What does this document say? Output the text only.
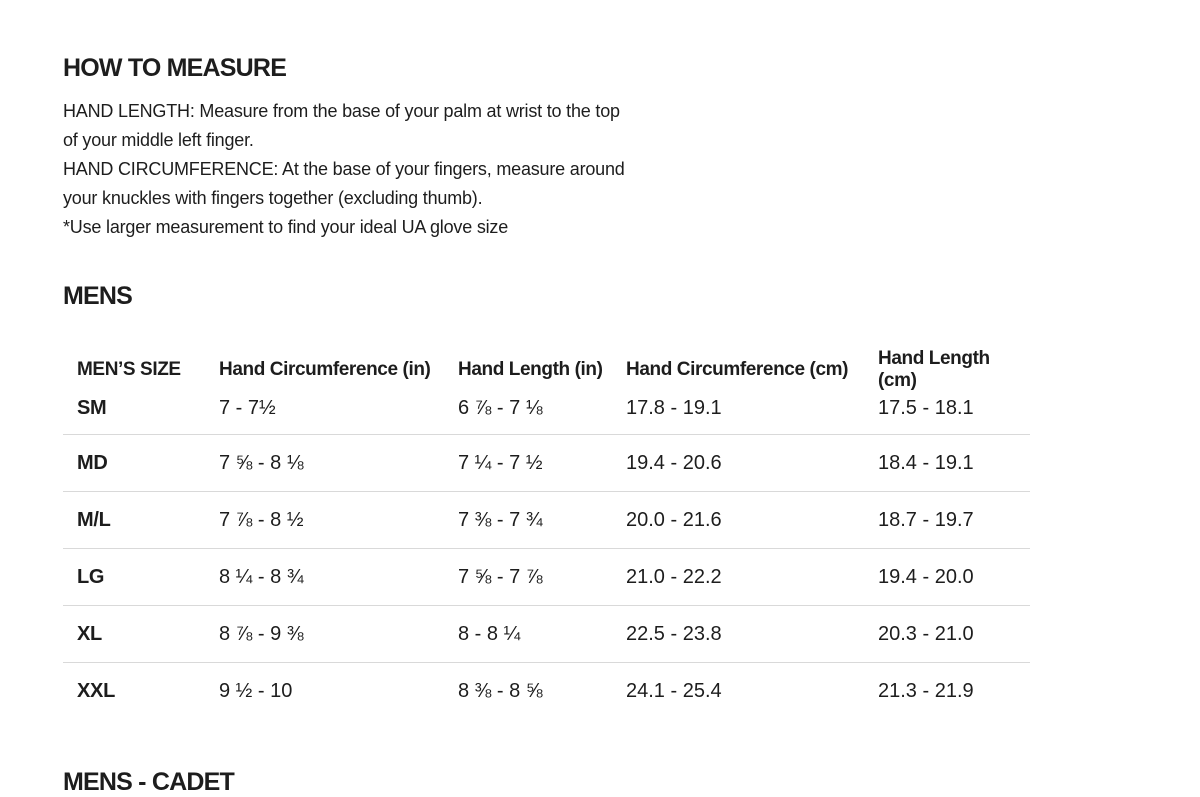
HOW TO MEASURE

HAND LENGTH: Measure from the base of your palm at wrist to the top of your middle left finger.

HAND CIRCUMFERENCE: At the base of your fingers, measure around your knuckles with fingers together (excluding thumb).

*Use larger measurement to find your ideal UA glove size

MENS
MEN’S SIZE	Hand Circumference (in)	Hand Length (in)	Hand Circumference (cm)	Hand Length (cm)
SM	7 - 7½	6 ⅞ - 7 ⅛	17.8 - 19.1	17.5 - 18.1
MD	7 ⅝ - 8 ⅛	7 ¼ - 7 ½	19.4 - 20.6	18.4 - 19.1
M/L	7 ⅞ - 8 ½	7 ⅜ - 7 ¾	20.0 - 21.6	18.7 - 19.7
LG	8 ¼ - 8 ¾	7 ⅝ - 7 ⅞	21.0 - 22.2	19.4 - 20.0
XL	8 ⅞ - 9 ⅜	8 - 8 ¼	22.5 - 23.8	20.3 - 21.0
XXL	9 ½ - 10	8 ⅜ - 8 ⅝	24.1 - 25.4	21.3 - 21.9
MENS - CADET
